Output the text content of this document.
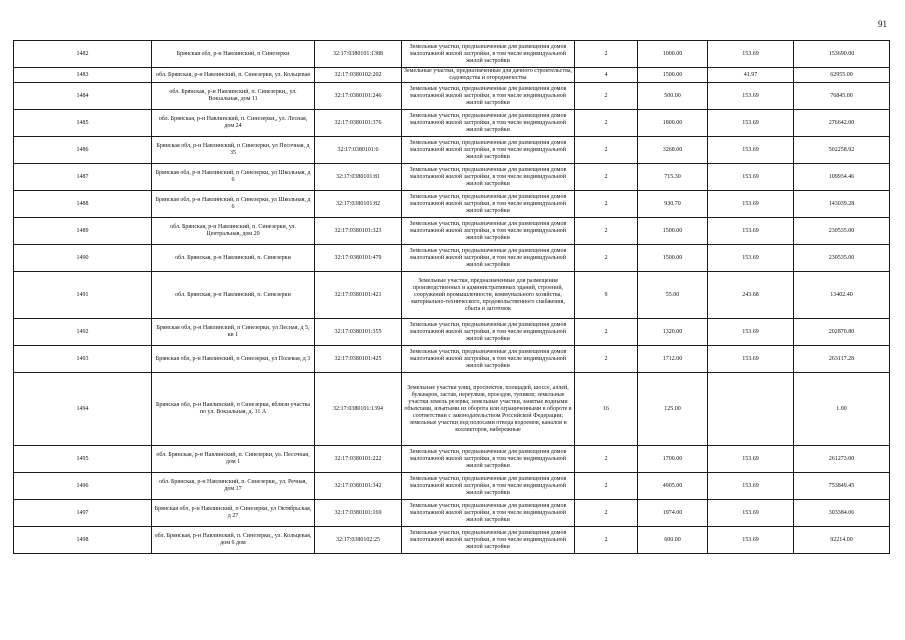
91
1482	Брянская обл, р-н Навлинский, п Синезерки	32:17:0380101:1388	Земельные участки, предназначенные для размещения домов малоэтажной жилой застройки, в том числе индивидуальной жилой застройки	2	1000.00	153.69	153690.00
1483	обл. Брянская, р-н Навлинский, п. Синезерки, ул. Кольцевая	32:17:0380102:202	Земельные участки, предназначенные для дачного строительства, садоводства и огородничества	4	1500.00	41.97	62955.00
1484	обл. Брянская, р-н Навлинский, п. Синезерки,, ул. Вокзальная, дом 11	32:17:0380101:246	Земельные участки, предназначенные для размещения домов малоэтажной жилой застройки, в том числе индивидуальной жилой застройки	2	500.00	153.69	76845.00
1485	обл. Брянская, р-н Навлинский, п. Синезерки,, ул. Лесная, дом 24	32:17:0380101:376	Земельные участки, предназначенные для размещения домов малоэтажной жилой застройки, в том числе индивидуальной жилой застройки	2	1800.00	153.69	276642.00
1486	Брянская обл, р-н Навлинский, п Синезерки, ул Песочная, д 35	32:17:0380101:6	Земельные участки, предназначенные для размещения домов малоэтажной жилой застройки, в том числе индивидуальной жилой застройки	2	3268.00	153.69	502258.92
1487	Брянская обл, р-н Навлинский, п Синезерки, ул Школьная, д 6	32:17:0380101:81	Земельные участки, предназначенные для размещения домов малоэтажной жилой застройки, в том числе индивидуальной жилой застройки	2	715.30	153.69	109934.46
1488	Брянская обл, р-н Навлинский, п Синезерки, ул Школьная, д 6	32:17:0380101:82	Земельные участки, предназначенные для размещения домов малоэтажной жилой застройки, в том числе индивидуальной жилой застройки	2	930.70	153.69	143039.28
1489	обл. Брянская, р-н Навлинский, п. Синезерки, ул. Центральная, дом 20	32:17:0380101:323	Земельные участки, предназначенные для размещения домов малоэтажной жилой застройки, в том числе индивидуальной жилой застройки	2	1500.00	153.69	230535.00
1490	обл. Брянская, р-н Навлинский, п. Синезерки	32:17:0380101:479	Земельные участки, предназначенные для размещения домов малоэтажной жилой застройки, в том числе индивидуальной жилой застройки	2	1500.00	153.69	230535.00
1491	обл. Брянская, р-н Навлинский, п. Синезерки	32:17:0380101:421	Земельные участки, предназначенные для размещения производственных и административных зданий, строений, сооружений промышленности, коммунального хозяйства, материально-технического, продовольственного снабжения, сбыта и заготовок	9	55.00	243.68	13402.40
1492	Брянская обл, р-н Навлинский, п Синезерки, ул Лесная, д 5, кв 1	32:17:0380101:355	Земельные участки, предназначенные для размещения домов малоэтажной жилой застройки, в том числе индивидуальной жилой застройки	2	1320.00	153.69	202870.80
1493	Брянская обл, р-н Навлинский, п Синезерки, ул Полевая, д 3	32:17:0380101:425	Земельные участки, предназначенные для размещения домов малоэтажной жилой застройки, в том числе индивидуальной жилой застройки	2	1712.00	153.69	263117.28
1494	Брянская обл, р-н Навлинский, п Синезерки, вблизи участка по ул. Вокзальная, д. 11 А	32:17:0380101:1394	Земельные участки улиц, проспектов, площадей, шоссе, аллей, бульваров, застав, переулков, проездов, тупиков; земельные участки земель резерва; земельные участки, занятые водными объектами, изъятыми из оборота или ограниченными в обороте в соответствии с законодательством Российской Федерации; земельные участки под полосами отвода водоемов, каналов и коллекторов, набережные	16	125.00		1.00
1495	обл. Брянская, р-н Навлинский, п. Синезерки, ул. Песочная, дом 1	32:17:0380101:222	Земельные участки, предназначенные для размещения домов малоэтажной жилой застройки, в том числе индивидуальной жилой застройки	2	1700.00	153.69	261273.00
1496	обл. Брянская, р-н Навлинский, п. Синезерки,, ул. Речная, дом 17	32:17:0380101:342	Земельные участки, предназначенные для размещения домов малоэтажной жилой застройки, в том числе индивидуальной жилой застройки	2	4905.00	153.69	753849.45
1497	Брянская обл, р-н Навлинский, п Синезерки, ул Октябрьская, д 27	32:17:0380101:169	Земельные участки, предназначенные для размещения домов малоэтажной жилой застройки, в том числе индивидуальной жилой застройки	2	1974.00	153.69	303384.06
1498	обл. Брянская, р-н Навлинский, п. Синезерки,, ул. Кольцевая, дом 6 дом	32:17:0380102:25	Земельные участки, предназначенные для размещения домов малоэтажной жилой застройки, в том числе индивидуальной жилой застройки	2	600.00	153.69	92214.00
